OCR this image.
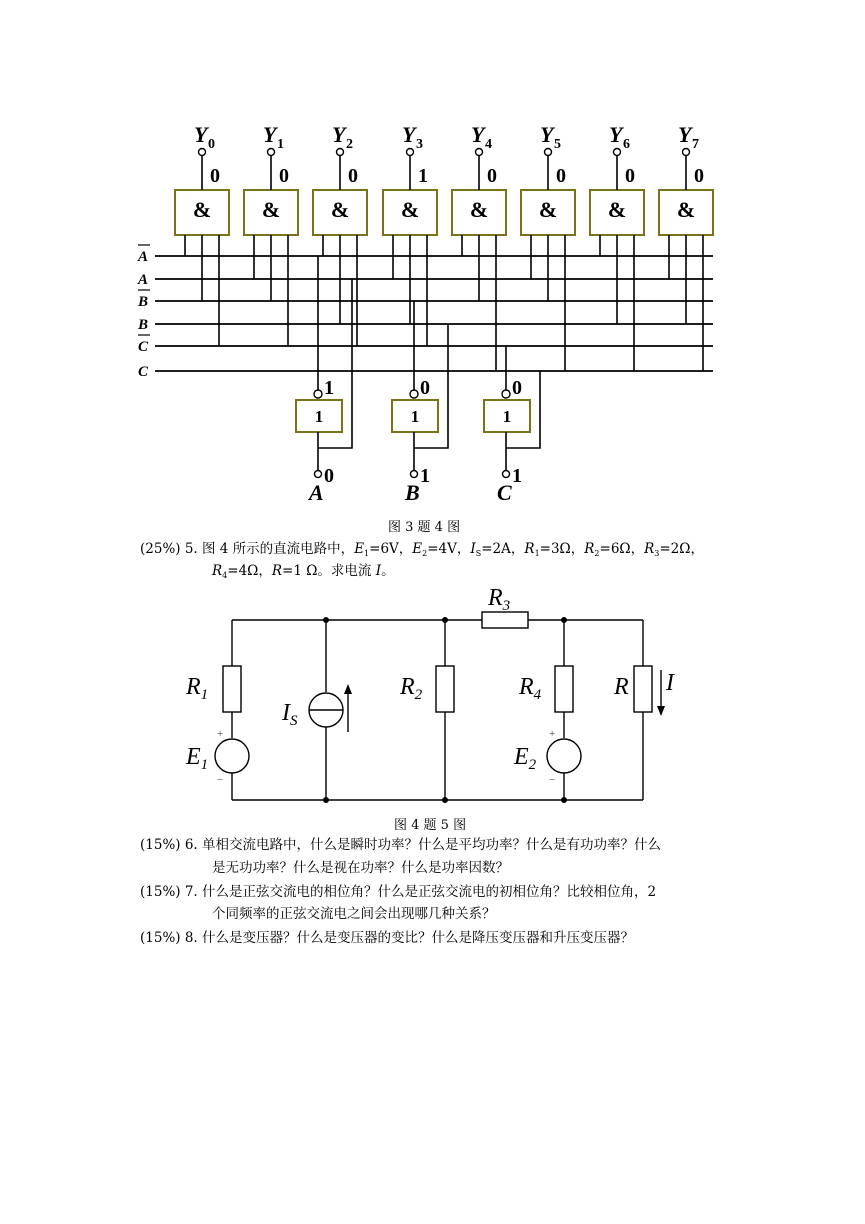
&
Y 0
0
&
Y 1
0
&
Y 2
0
&
Y 3
1
&
Y 4
0
&
Y 5
0
&
Y 6
0
&
Y 7
0
A
A
B
B
C
C
1
1
0
A
1
0
1
B
1
0
1
C
图 3 题 4 图
(25%) 5. 图 4 所示的直流电路中，$E_1=6V$，$E_2=4V$，$I_S=2A$，$R_1=3\Omega$，$R_2=6\Omega$，$R_3=2\Omega$，
$R_4=4\Omega$，R=1 Ω。求电流 I。
$R_3$
$R_1$
$I_S$
$R_2$	$R_4$	R I
$E_1$	$E_2$
+
−
+
−
图 4 题 5 图
(15%) 6. 单相交流电路中，什么是瞬时功率？什么是平均功率？什么是有功功率？什么
是无功功率？什么是视在功率？什么是功率因数？
(15%) 7. 什么是正弦交流电的相位角？什么是正弦交流电的初相位角？比较相位角，2
个同频率的正弦交流电之间会出现哪几种关系？
(15%) 8. 什么是变压器？什么是变压器的变比？什么是降压变压器和升压变压器？
